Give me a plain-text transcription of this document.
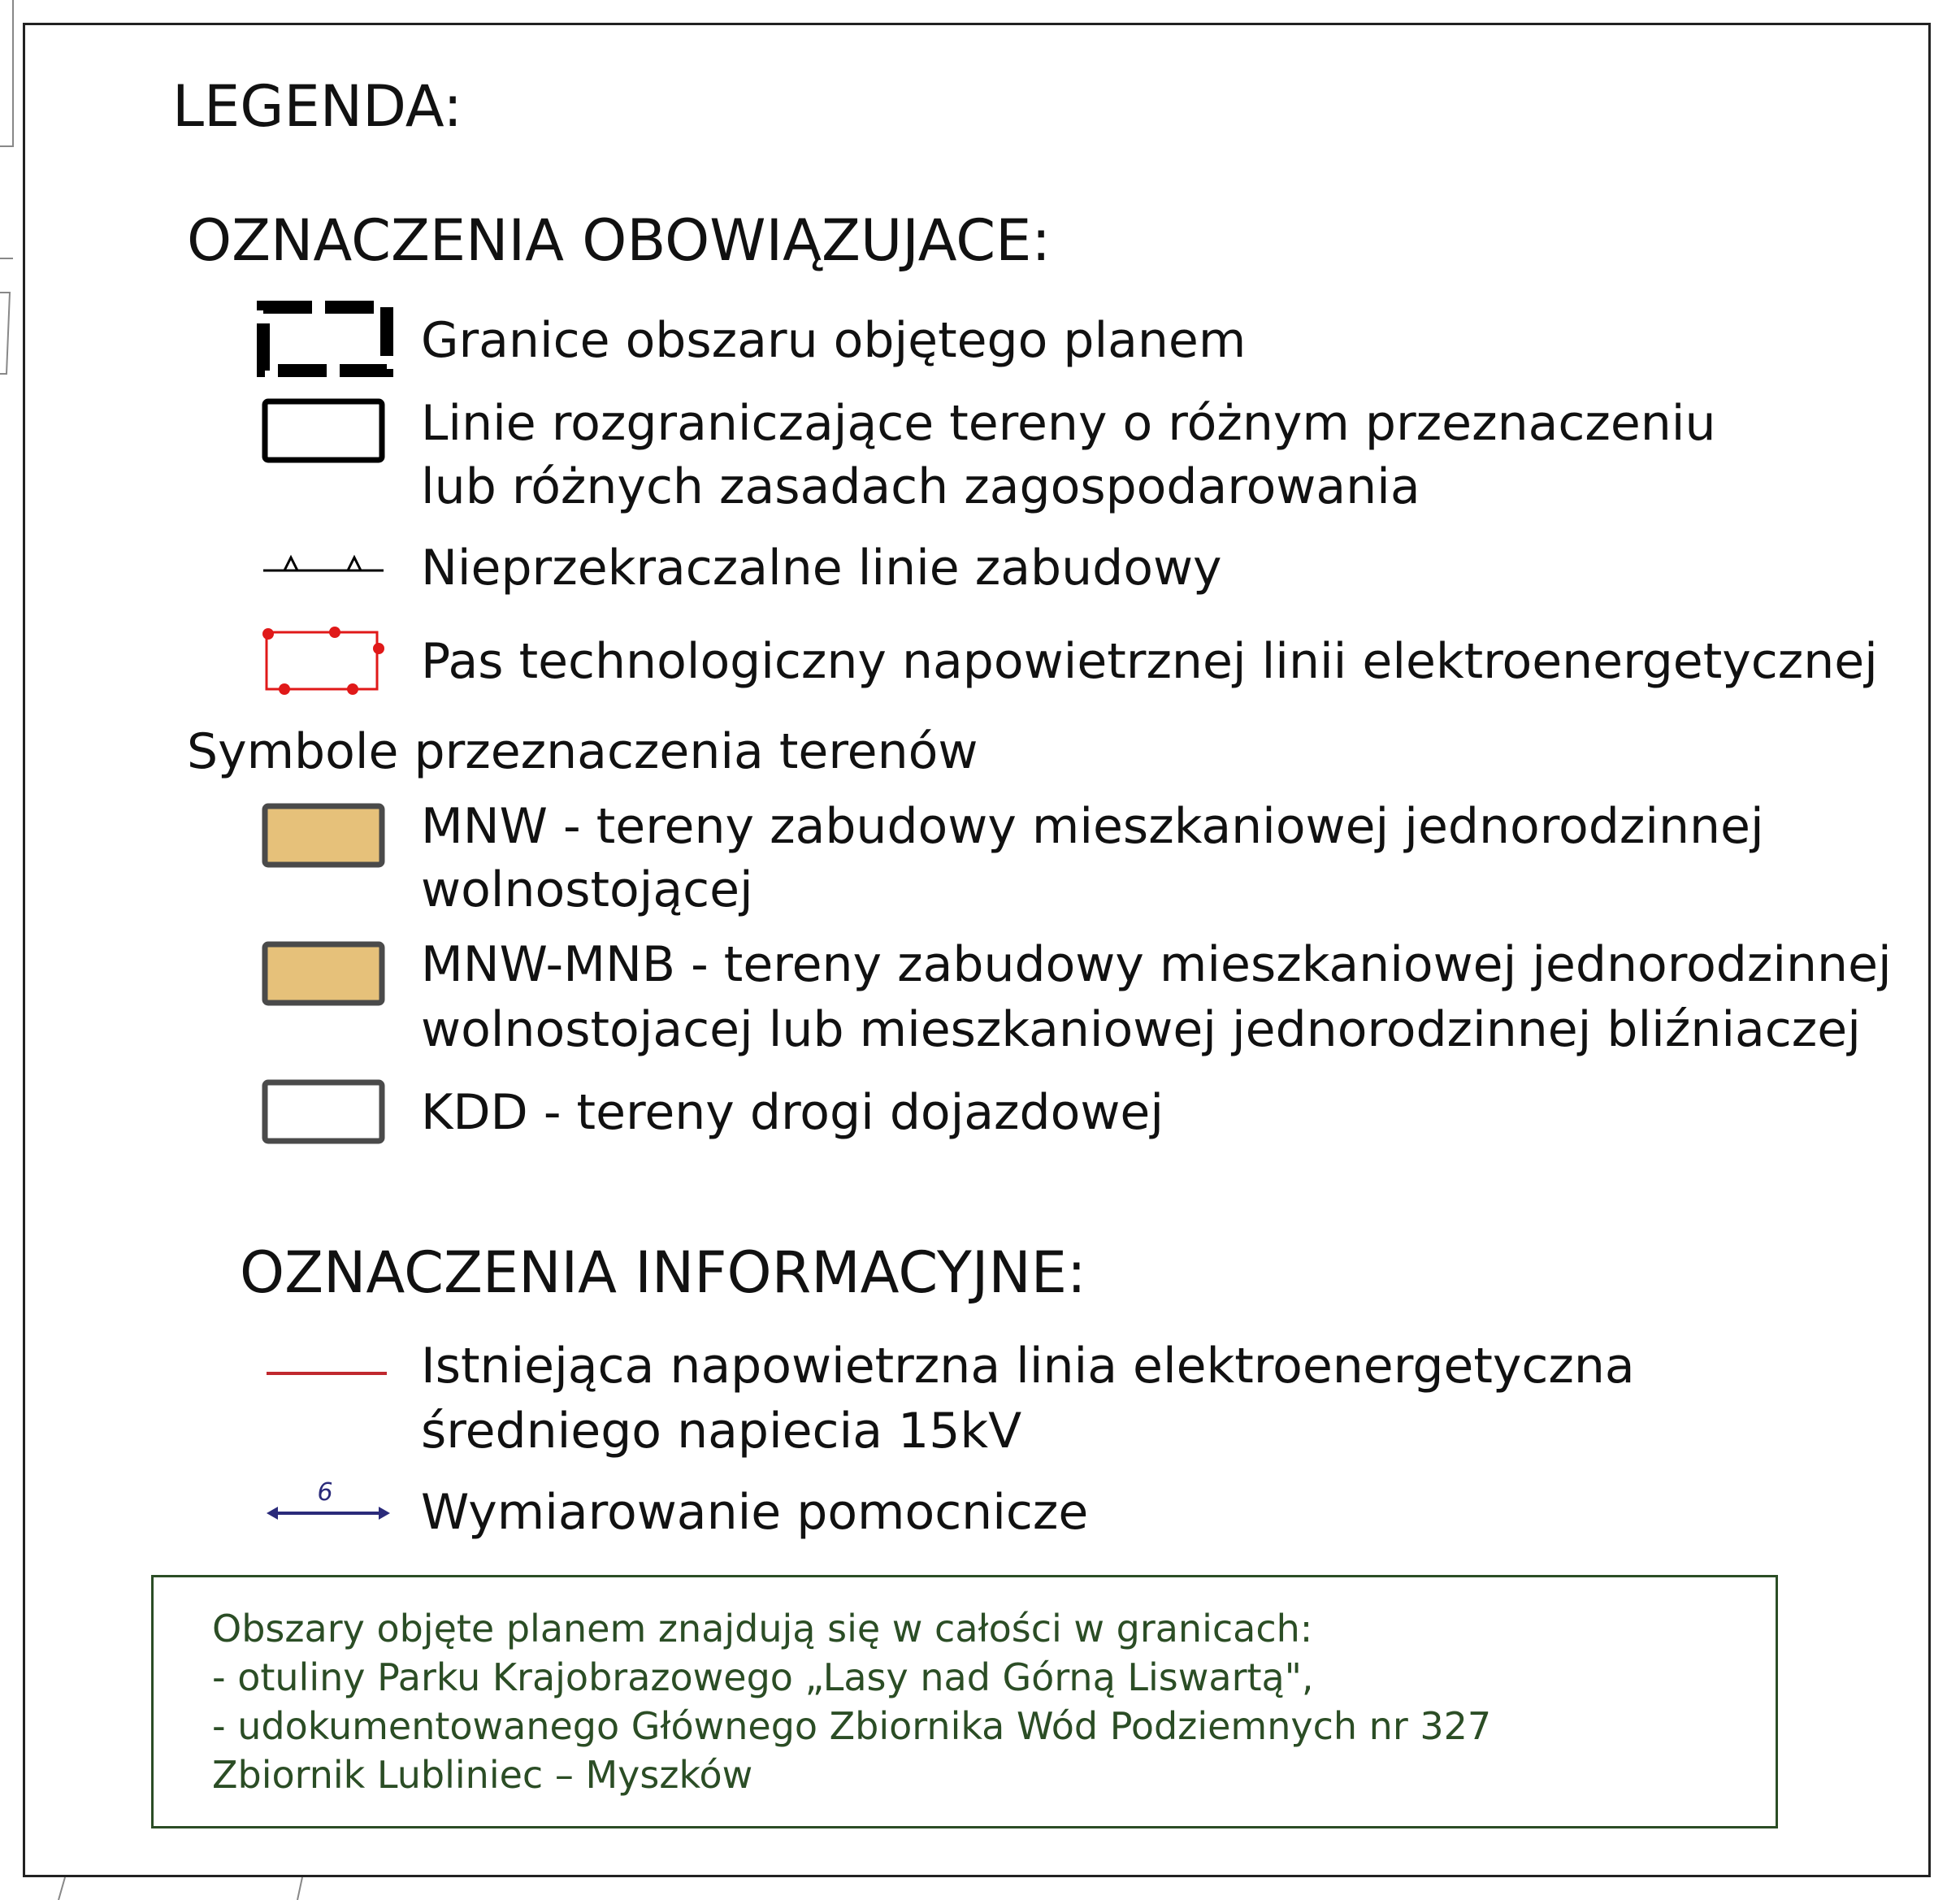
LEGENDA:
OZNACZENIA OBOWIĄZUJACE:
Granice obszaru objętego planem
Linie rozgraniczające tereny o różnym przeznaczeniu
lub różnych zasadach zagospodarowania
Nieprzekraczalne linie zabudowy
Pas technologiczny napowietrznej linii elektroenergetycznej
Symbole przeznaczenia terenów
MNW - tereny zabudowy mieszkaniowej jednorodzinnej
wolnostojącej
MNW-MNB - tereny zabudowy mieszkaniowej jednorodzinnej
wolnostojacej lub mieszkaniowej jednorodzinnej bliźniaczej
KDD - tereny drogi dojazdowej
OZNACZENIA INFORMACYJNE:
Istniejąca napowietrzna linia elektroenergetyczna
średniego napiecia 15kV
6 Wymiarowanie pomocnicze
Obszary objęte planem znajdują się w całości w granicach:
- otuliny Parku Krajobrazowego „Lasy nad Górną Liswartą",
- udokumentowanego Głównego Zbiornika Wód Podziemnych nr 327
Zbiornik Lubliniec – Myszków
